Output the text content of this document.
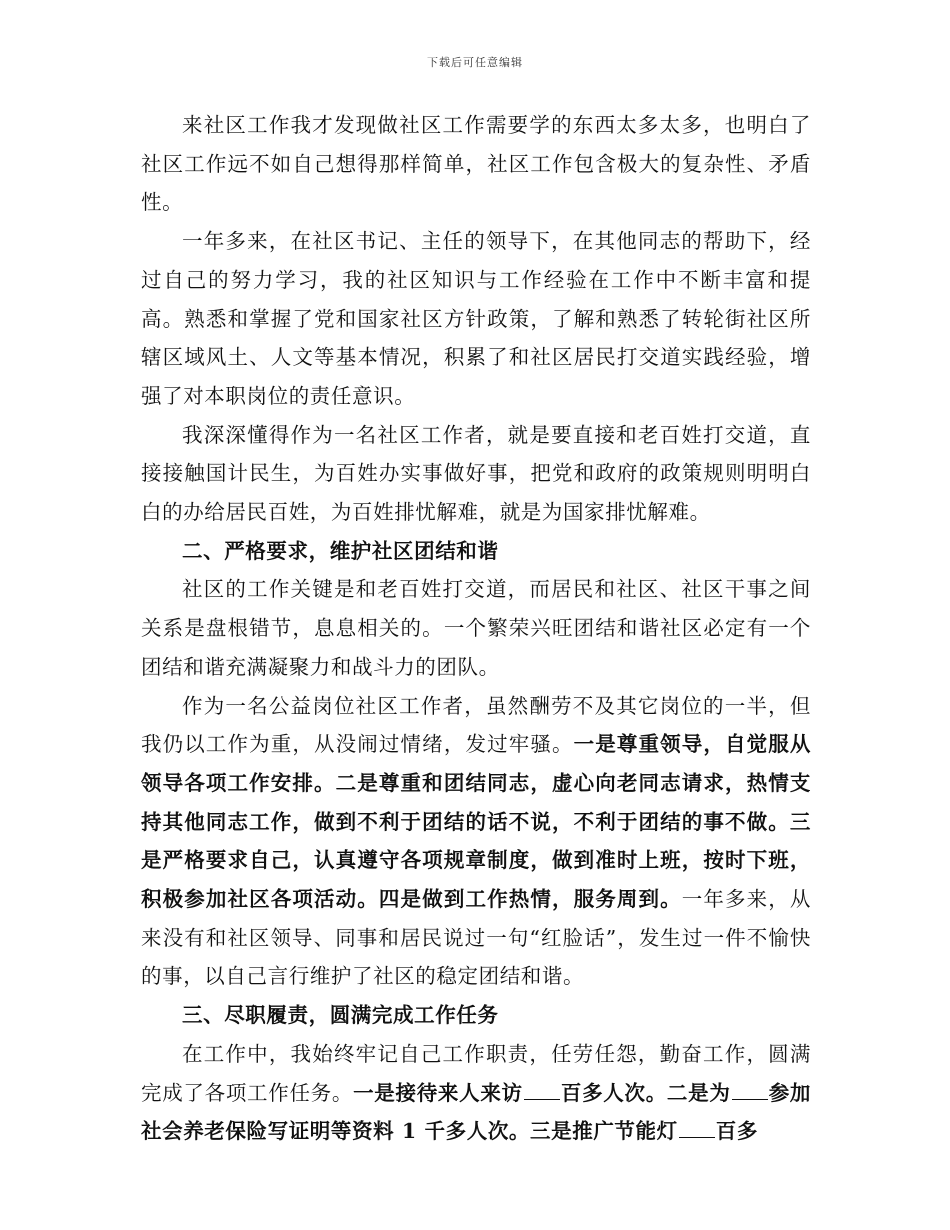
下载后可任意编辑

来社区工作我才发现做社区工作需要学的东西太多太多，也明白了社区工作远不如自己想得那样简单，社区工作包含极大的复杂性、矛盾性。

一年多来，在社区书记、主任的领导下，在其他同志的帮助下，经过自己的努力学习，我的社区知识与工作经验在工作中不断丰富和提高。熟悉和掌握了党和国家社区方针政策，了解和熟悉了转轮街社区所辖区域风土、人文等基本情况，积累了和社区居民打交道实践经验，增强了对本职岗位的责任意识。

我深深懂得作为一名社区工作者，就是要直接和老百姓打交道，直接接触国计民生，为百姓办实事做好事，把党和政府的政策规则明明白白的办给居民百姓，为百姓排忧解难，就是为国家排忧解难。

二、严格要求，维护社区团结和谐

社区的工作关键是和老百姓打交道，而居民和社区、社区干事之间关系是盘根错节，息息相关的。一个繁荣兴旺团结和谐社区必定有一个团结和谐充满凝聚力和战斗力的团队。

作为一名公益岗位社区工作者，虽然酬劳不及其它岗位的一半，但我仍以工作为重，从没闹过情绪，发过牢骚。一是尊重领导，自觉服从领导各项工作安排。二是尊重和团结同志，虚心向老同志请求，热情支持其他同志工作，做到不利于团结的话不说，不利于团结的事不做。三是严格要求自己，认真遵守各项规章制度，做到准时上班，按时下班，积极参加社区各项活动。四是做到工作热情，服务周到。一年多来，从来没有和社区领导、同事和居民说过一句“红脸话”，发生过一件不愉快的事，以自己言行维护了社区的稳定团结和谐。

三、尽职履责，圆满完成工作任务

在工作中，我始终牢记自己工作职责，任劳任怨，勤奋工作，圆满完成了各项工作任务。一是接待来人来访 百多人次。二是为 参加社会养老保险写证明等资料 1 千多人次。三是推广节能灯 百多
